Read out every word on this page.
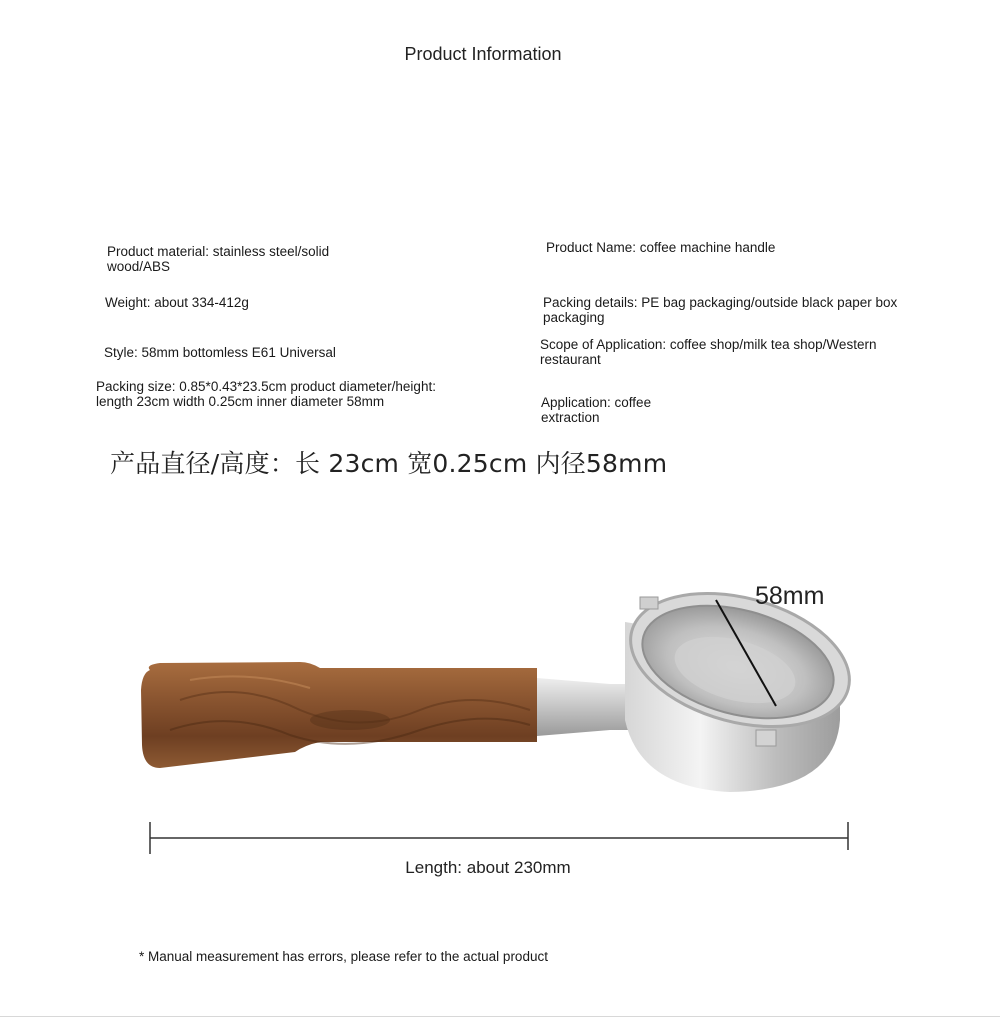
Product Information
Product material: stainless steel/solid wood/ABS
Product Name: coffee machine handle
Weight: about 334-412g	Packing details: PE bag packaging/outside black paper box packaging
Style: 58mm bottomless E61 Universal
Scope of Application: coffee shop/milk tea shop/Western restaurant
Packing size: 0.85*0.43*23.5cm product diameter/height: length 23cm width 0.25cm inner diameter 58mm	Application: coffee extraction
产品直径/高度：长 23cm 宽0.25cm 内径58mm
58mm
Length: about 230mm
* Manual measurement has errors, please refer to the actual product
